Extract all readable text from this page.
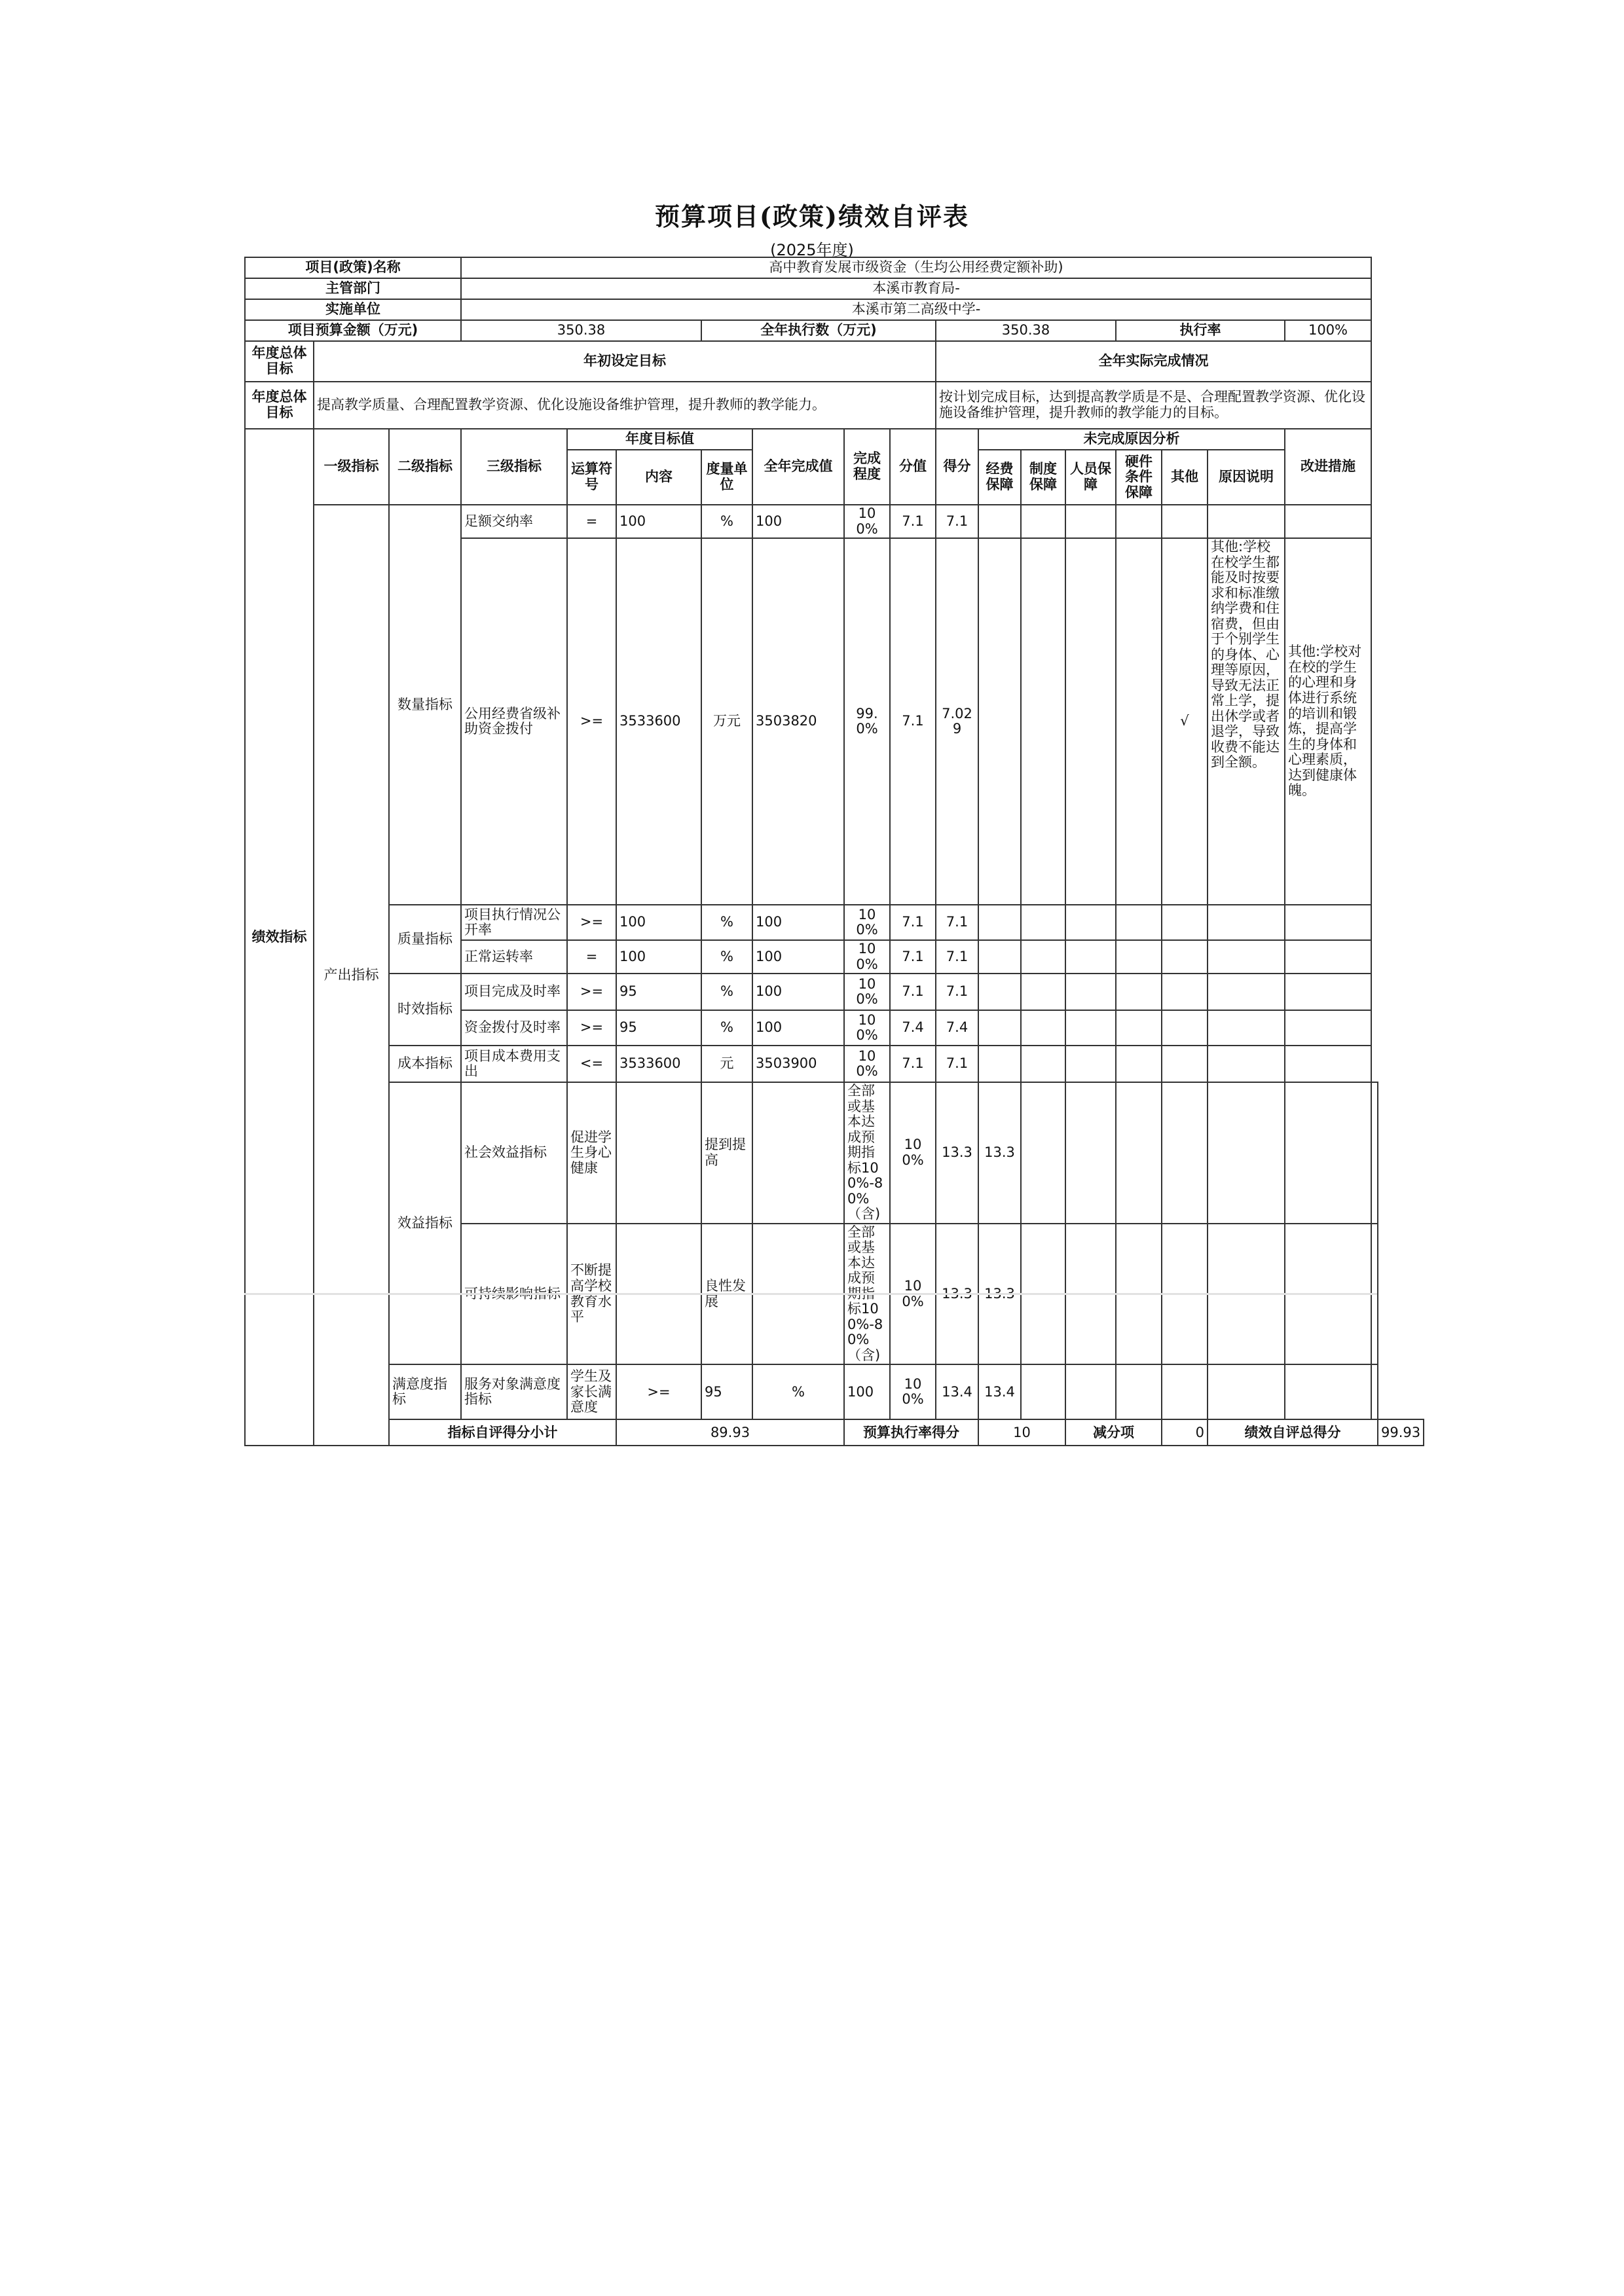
预算项目(政策)绩效自评表
(2025年度)
项目(政策)名称			高中教育发展市级资金（生均公用经费定额补助)																
主管部门			本溪市教育局-																
实施单位			本溪市第二高级中学-																
项目预算金额（万元)			350.38			全年执行数（万元)				350.38				执行率			100%		
年度总体目标	年初设定目标									全年实际完成情况									
年度总体目标	提高教学质量、合理配置教学资源、优化设施设备维护管理，提升教师的教学能力。									按计划完成目标，达到提高教学质是不是、合理配置教学资源、优化设施设备维护管理，提升教师的教学能力的目标。									
绩效指标	一级指标	二级指标	三级指标	年度目标值			全年完成值	完成程度	分值	得分	未完成原因分析						改进措施		
				运算符号	内容	度量单位					经费保障	制度保障	人员保障	硬件条件保障	其他	原因说明			
	产出指标	数量指标	足额交纳率	=	100	%	100	100%	7.1	7.1									
			公用经费省级补助资金拨付	>=	3533600	万元	3503820	99.0%	7.1	7.029					√	其他:学校在校学生都能及时按要求和标准缴纳学费和住宿费，但由于个别学生的身体、心理等原因，导致无法正常上学，提出休学或者退学，导致收费不能达到全额。	其他:学校对在校的学生的心理和身体进行系统的培训和锻炼，提高学生的身体和心理素质，达到健康体魄。		
		质量指标	项目执行情况公开率	>=	100	%	100	100%	7.1	7.1									
			正常运转率	=	100	%	100	100%	7.1	7.1									
		时效指标	项目完成及时率	>=	95	%	100	100%	7.1	7.1									
			资金拨付及时率	>=	95	%	100	100%	7.4	7.4									
		成本指标	项目成本费用支出	<=	3533600	元	3503900	100%	7.1	7.1									
		效益指标	社会效益指标	促进学生身心健康		提到提高		全部或基本达成预期指标100%-80%（含)	100%	13.3	13.3								
			可持续影响指标	不断提高学校教育水平		良性发展		全部或基本达成预期指标100%-80%（含)	100%	13.3	13.3								
		满意度指标	服务对象满意度指标	学生及家长满意度	>=	95	%	100	100%	13.4	13.4								
		指标自评得分小计			89.93			预算执行率得分			10		减分项		0	绩效自评总得分			99.93
